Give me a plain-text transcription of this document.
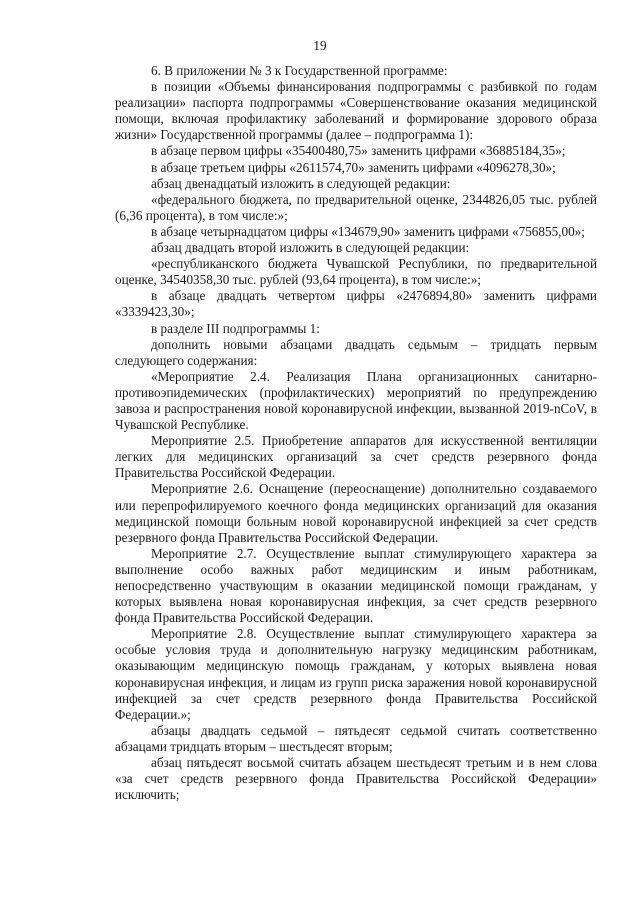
19

6. В приложении № 3 к Государственной программе:

в позиции «Объемы финансирования подпрограммы с разбивкой по годам реализации» паспорта подпрограммы «Совершенствование оказания медицинской помощи, включая профилактику заболеваний и формирование здорового образа жизни» Государственной программы (далее – подпрограмма 1):

в абзаце первом цифры «35400480,75» заменить цифрами «36885184,35»;

в абзаце третьем цифры «2611574,70» заменить цифрами «4096278,30»;

абзац двенадцатый изложить в следующей редакции:

«федерального бюджета, по предварительной оценке, 2344826,05 тыс. рублей (6,36 процента), в том числе:»;

в абзаце четырнадцатом цифры «134679,90» заменить цифрами «756855,00»;

абзац двадцать второй изложить в следующей редакции:

«республиканского бюджета Чувашской Республики, по предварительной оценке, 34540358,30 тыс. рублей (93,64 процента), в том числе:»;

в абзаце двадцать четвертом цифры «2476894,80» заменить цифрами «3339423,30»;

в разделе III подпрограммы 1:

дополнить новыми абзацами двадцать седьмым – тридцать первым следующего содержания:

«Мероприятие 2.4. Реализация Плана организационных санитарно-противоэпидемических (профилактических) мероприятий по предупреждению завоза и распространения новой коронавирусной инфекции, вызванной 2019-nCoV, в Чувашской Республике.

Мероприятие 2.5. Приобретение аппаратов для искусственной вентиляции легких для медицинских организаций за счет средств резервного фонда Правительства Российской Федерации.

Мероприятие 2.6. Оснащение (переоснащение) дополнительно создаваемого или перепрофилируемого коечного фонда медицинских организаций для оказания медицинской помощи больным новой коронавирусной инфекцией за счет средств резервного фонда Правительства Российской Федерации.

Мероприятие 2.7. Осуществление выплат стимулирующего характера за выполнение особо важных работ медицинским и иным работникам, непосредственно участвующим в оказании медицинской помощи гражданам, у которых выявлена новая коронавирусная инфекция, за счет средств резервного фонда Правительства Российской Федерации.

Мероприятие 2.8. Осуществление выплат стимулирующего характера за особые условия труда и дополнительную нагрузку медицинским работникам, оказывающим медицинскую помощь гражданам, у которых выявлена новая коронавирусная инфекция, и лицам из групп риска заражения новой коронавирусной инфекцией за счет средств резервного фонда Правительства Российской Федерации.»;

абзацы двадцать седьмой – пятьдесят седьмой считать соответственно абзацами тридцать вторым – шестьдесят вторым;

абзац пятьдесят восьмой считать абзацем шестьдесят третьим и в нем слова «за счет средств резервного фонда Правительства Российской Федерации» исключить;
